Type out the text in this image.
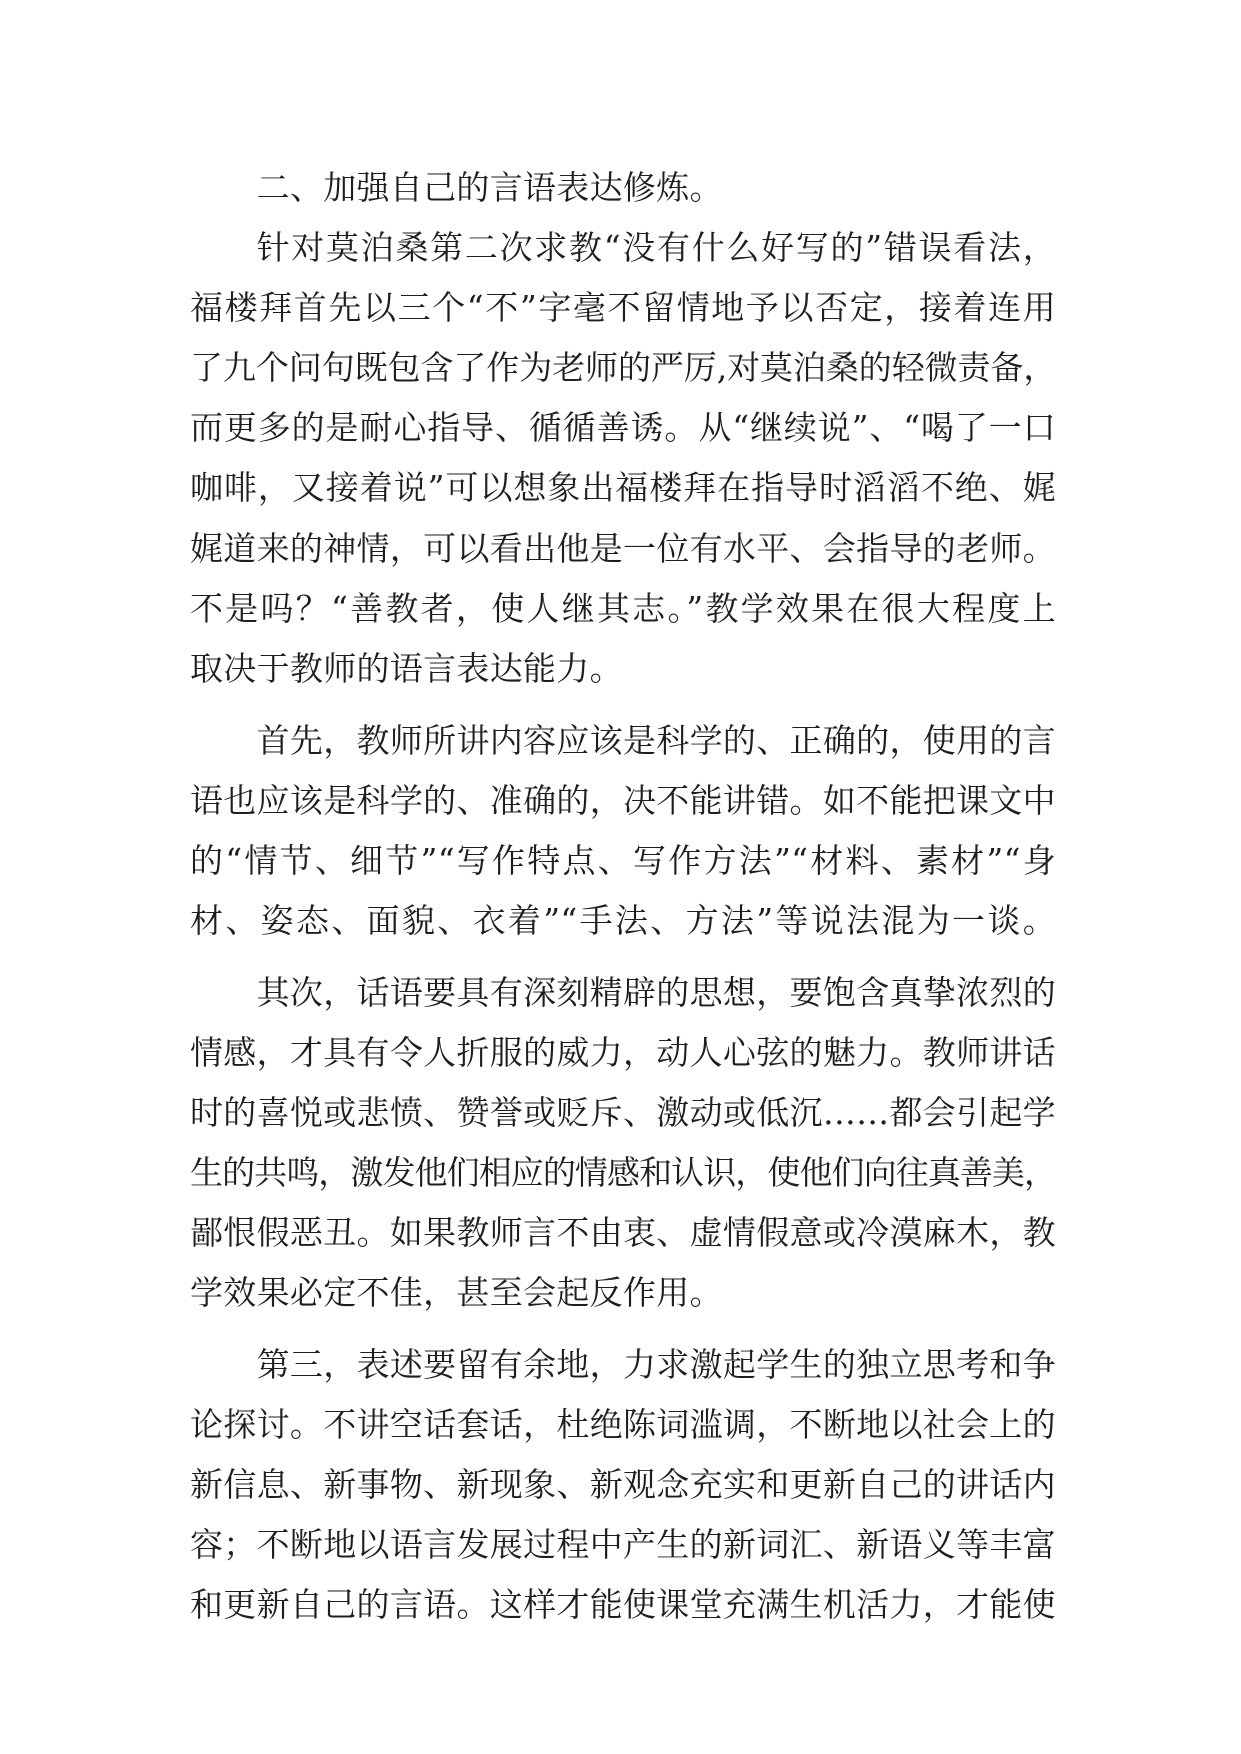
二、加强自己的言语表达修炼。
针对莫泊桑第二次求教“没有什么好写的”错误看法，
福楼拜首先以三个“不”字毫不留情地予以否定，接着连用
了九个问句既包含了作为老师的严厉,对莫泊桑的轻微责备，
而更多的是耐心指导、循循善诱。从“继续说”、“喝了一口
咖啡，又接着说”可以想象出福楼拜在指导时滔滔不绝、娓
娓道来的神情，可以看出他是一位有水平、会指导的老师。
不是吗？“善教者，使人继其志。”教学效果在很大程度上
取决于教师的语言表达能力。
首先，教师所讲内容应该是科学的、正确的，使用的言
语也应该是科学的、准确的，决不能讲错。如不能把课文中
的“情节、细节”“写作特点、写作方法”“材料、素材”“身
材、姿态、面貌、衣着”“手法、方法”等说法混为一谈。
其次，话语要具有深刻精辟的思想，要饱含真挚浓烈的
情感，才具有令人折服的威力，动人心弦的魅力。教师讲话
时的喜悦或悲愤、赞誉或贬斥、激动或低沉……都会引起学
生的共鸣，激发他们相应的情感和认识，使他们向往真善美，
鄙恨假恶丑。如果教师言不由衷、虚情假意或冷漠麻木，教
学效果必定不佳，甚至会起反作用。
第三，表述要留有余地，力求激起学生的独立思考和争
论探讨。不讲空话套话，杜绝陈词滥调，不断地以社会上的
新信息、新事物、新现象、新观念充实和更新自己的讲话内
容；不断地以语言发展过程中产生的新词汇、新语义等丰富
和更新自己的言语。这样才能使课堂充满生机活力，才能使
